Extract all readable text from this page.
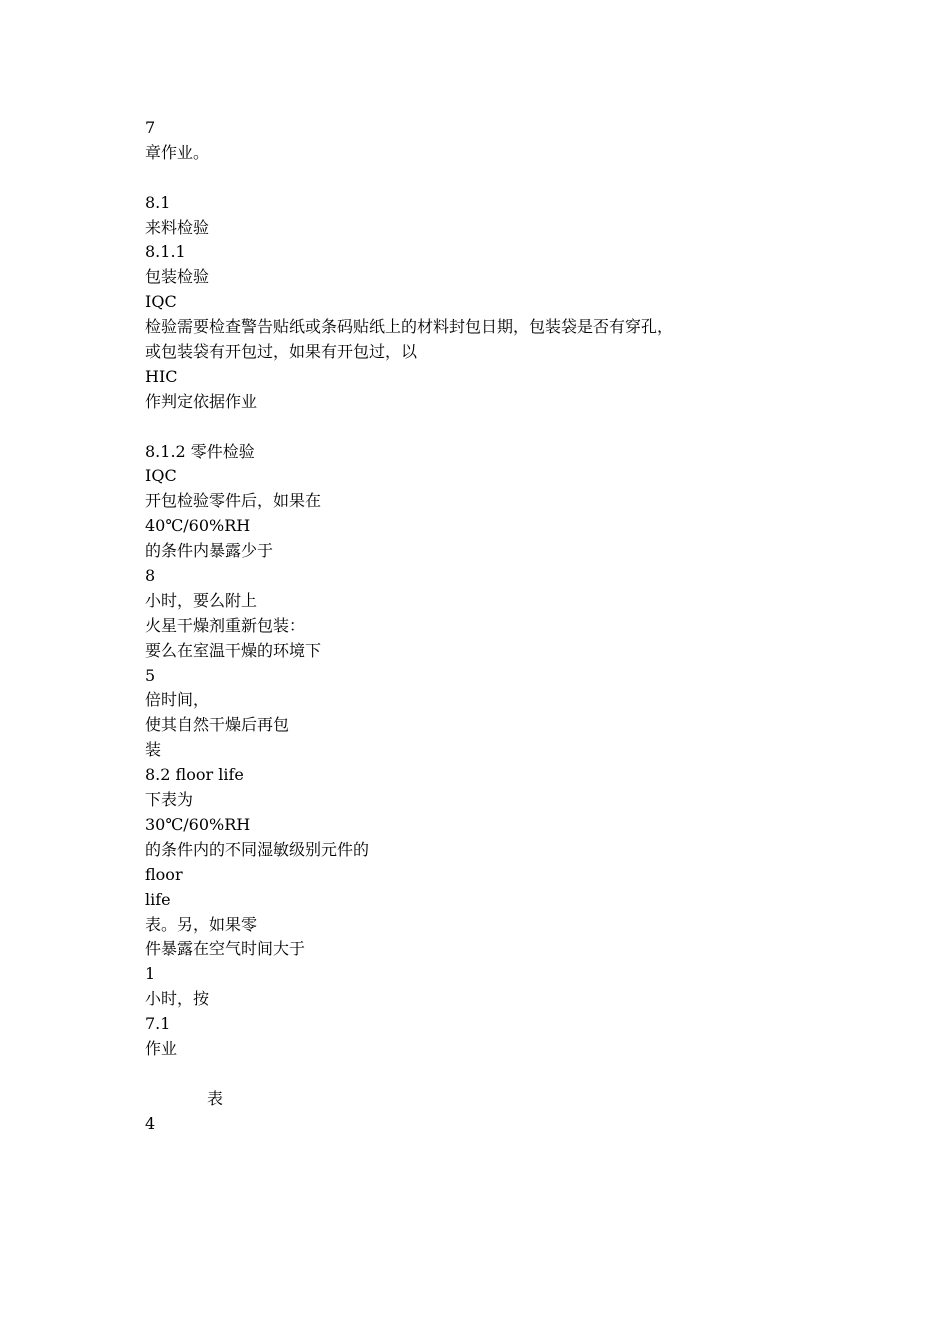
7
章作业。
8.1
来料检验
8.1.1
包装检验
IQC
检验需要检查警告贴纸或条码贴纸上的材料封包日期，包装袋是否有穿孔，
或包装袋有开包过，如果有开包过，以
HIC
作判定依据作业
8.1.2 零件检验
IQC
开包检验零件后，如果在
40℃/60%RH
的条件内暴露少于
8
小时，要么附上
火星干燥剂重新包装：
要么在室温干燥的环境下
5
倍时间，
使其自然干燥后再包
装
8.2 floor life
下表为
30℃/60%RH
的条件内的不同湿敏级别元件的
floor
life
表。另，如果零
件暴露在空气时间大于
1
小时，按
7.1
作业
表
4
